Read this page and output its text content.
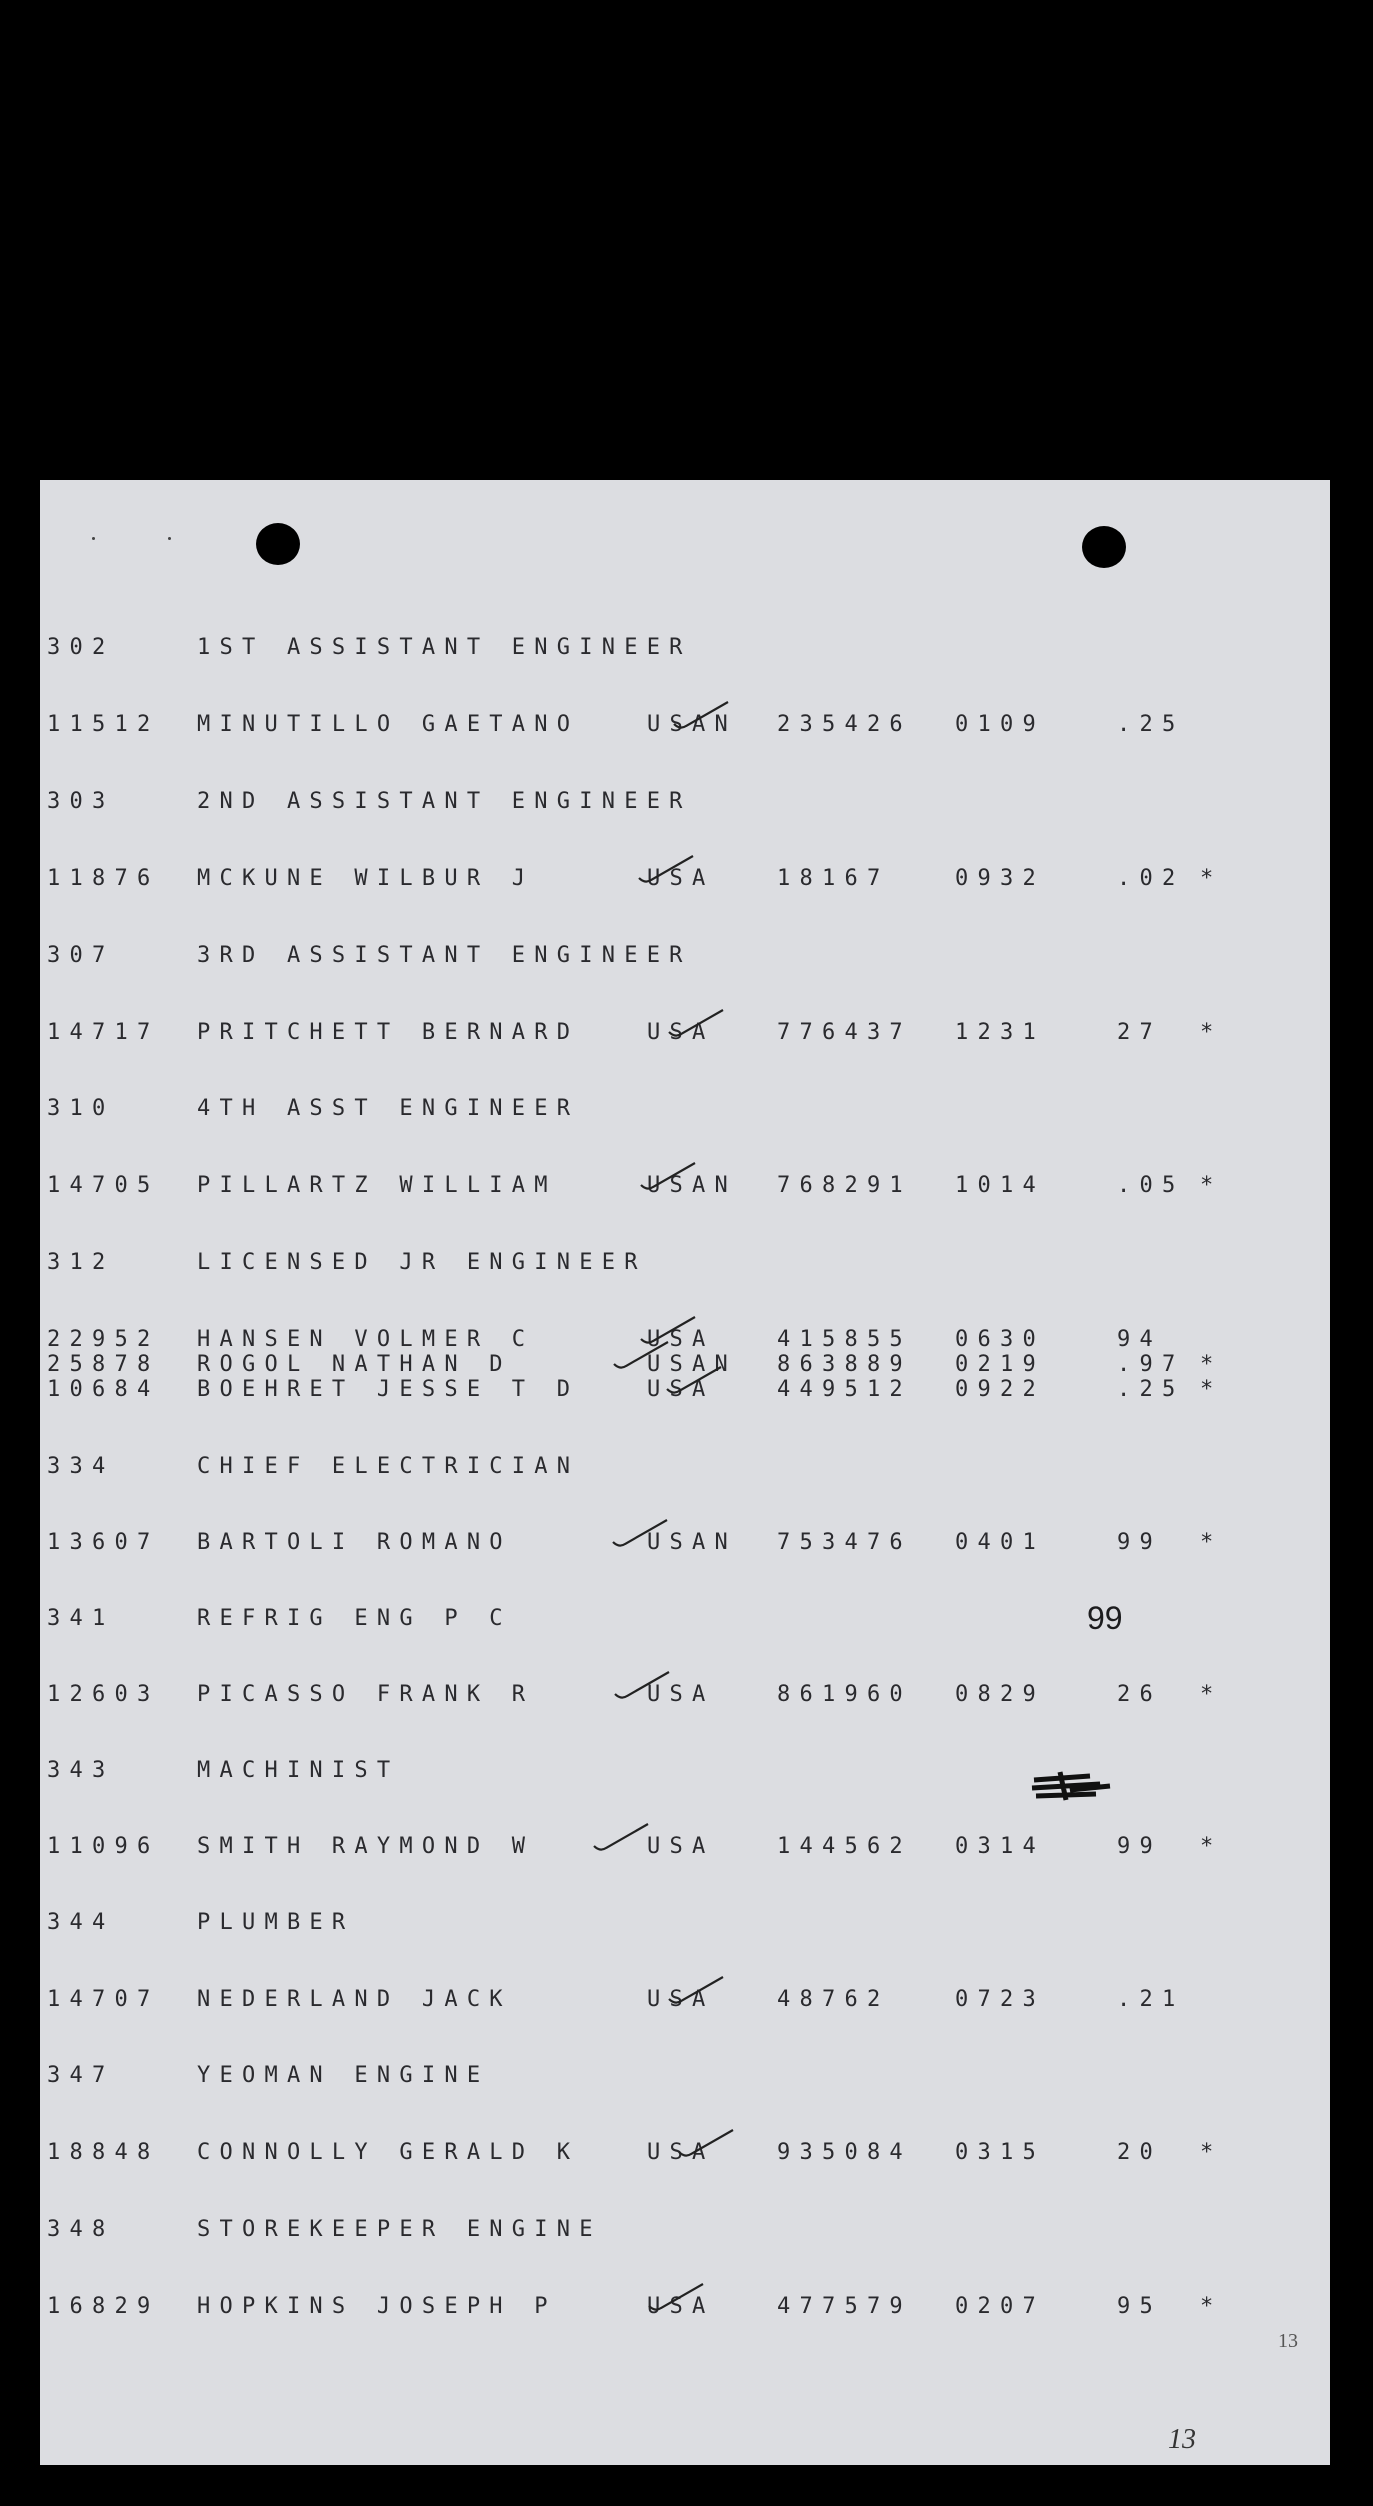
302	1ST ASSISTANT ENGINEER
11512 MINUTILLO GAETANO	USAN 235426 0109	.25
303	2ND ASSISTANT ENGINEER
11876 MCKUNE WILBUR J	USA	18167	0932	.02 *
307	3RD ASSISTANT ENGINEER
14717 PRITCHETT BERNARD	USA	776437 1231	27 *
310	4TH ASST ENGINEER
14705 PILLARTZ WILLIAM	USAN 768291 1014	.05 *
312	LICENSED JR ENGINEER
22952 HANSEN VOLMER C	USA	415855 0630	94
25878 ROGOL NATHAN D	USAN 863889 0219	.97 *
10684 BOEHRET JESSE T D	USA	449512 0922	.25 *
334	CHIEF ELECTRICIAN
13607 BARTOLI ROMANO	USAN 753476 0401	99 *
341	REFRIG ENG P C
12603 PICASSO FRANK R	USA	861960 0829	26 *
343	MACHINIST
11096 SMITH RAYMOND W	USA	144562 0314	99 *
344	PLUMBER
14707 NEDERLAND JACK	USA	48762	0723	.21
347	YEOMAN ENGINE
18848 CONNOLLY GERALD K	USA	935084 0315	20 *
348	STOREKEEPER ENGINE
16829 HOPKINS JOSEPH P	USA	477579 0207	95 *
99
13
13
